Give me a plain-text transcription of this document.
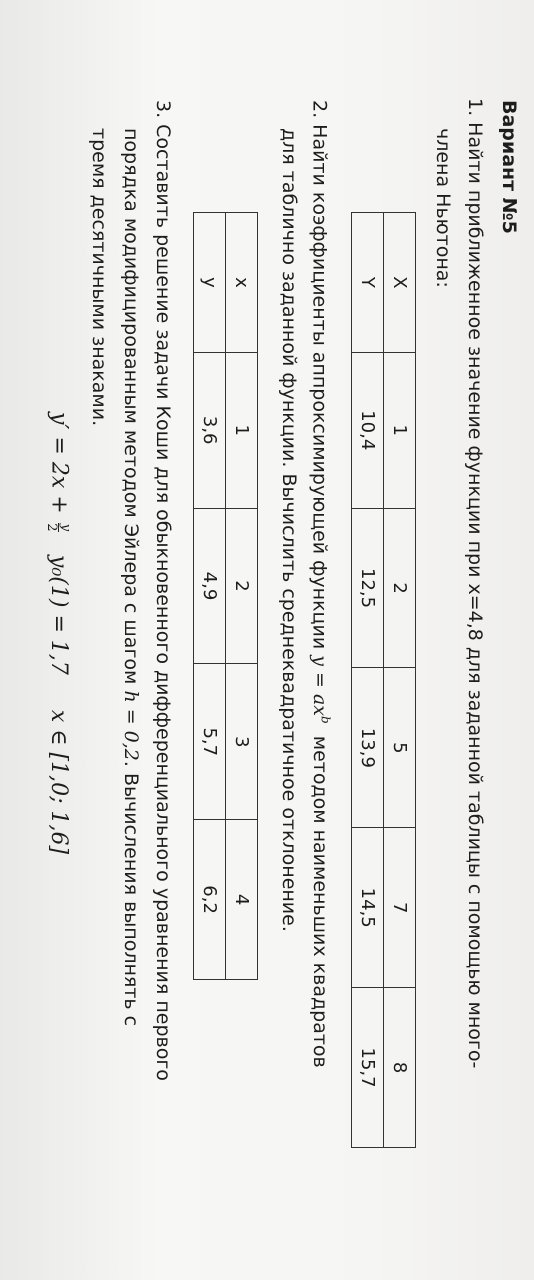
Вариант №5
1. Найти приближенное значение функции при x=4,8 для заданной таблицы с помощью много-
члена Ньютона:
X	1	2	5	7	8
Y	10,4	12,5	13,9	14,5	15,7
2. Найти коэффициенты аппроксимирующей функции $y = ax^b$ методом наименьших квадратов
для таблично заданной функции. Вычислить среднеквадратичное отклонение.
x	1	2	3	4
y	3,6	4,9	5,7	6,2
3. Составить решение задачи Коши для обыкновенного дифференциального уравнения первого
порядка модифицированным методом Эйлера с шагом h = 0,2. Вычисления выполнять с
тремя десятичными знаками.
y′ = 2x +
y
2
y₀(1) = 1,7 x ∈ [1,0; 1,6]
